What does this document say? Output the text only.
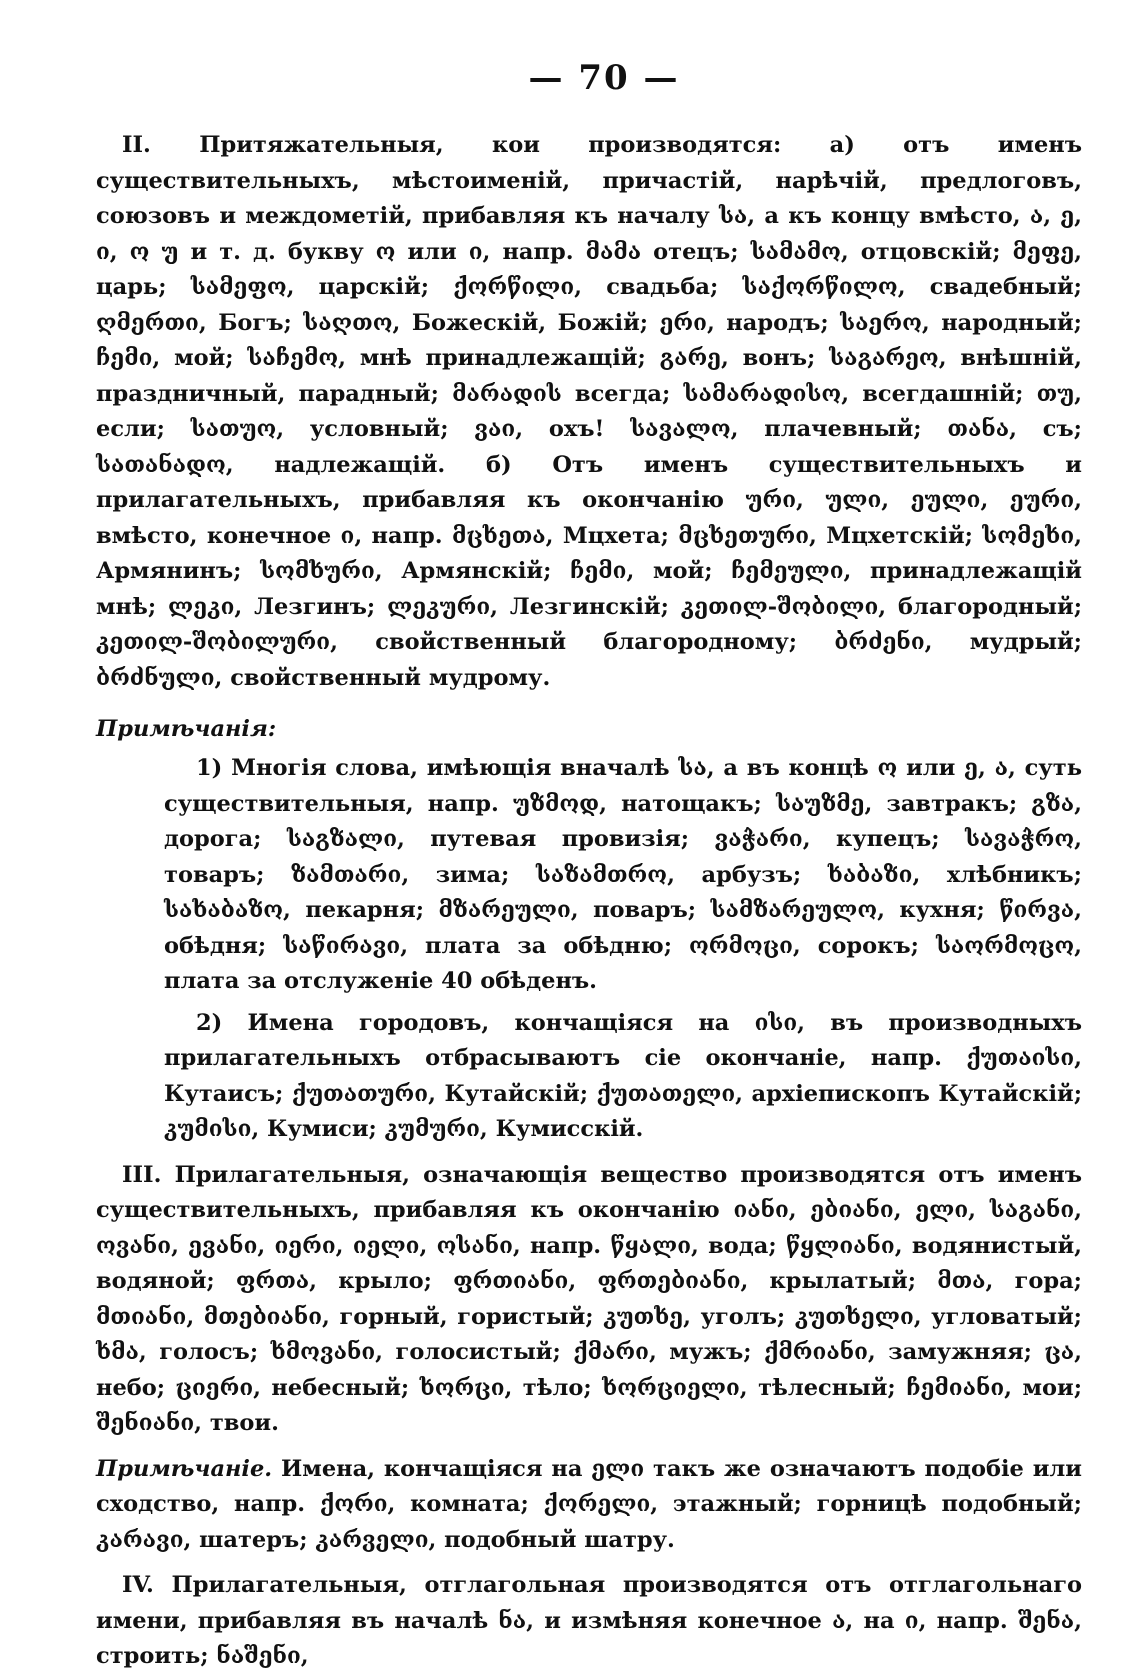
— 70 —

II. Притяжательныя, кои производятся: а) отъ именъ существительныхъ, мѣстоименій, причастій, нарѣчій, предлоговъ, союзовъ и междометій, прибавляя къ началу სა, а къ концу вмѣсто, ა, ე, ი, ო უ и т. д. букву ო или ი, напр. მამა отецъ; სამამო, отцовскій; მეფე, царь; სამეფო, царскій; ქორწილი, свадьба; საქორწილო, свадебный; ღმერთი, Богъ; საღთო, Божескій, Божій; ერი, народъ; საერო, народный; ჩემი, мой; საჩემო, мнѣ принадлежащій; გარე, вонъ; საგარეო, внѣшній, праздничный, парадный; მარადის всегда; სამარადისო, всегдашній; თუ, если; სათუო, условный; ვაი, охъ! სავალო, плачевный; თანა, съ; სათანადო, надлежащій. б) Отъ именъ существительныхъ и прилагательныхъ, прибавляя къ окончанію ური, ული, ეული, ეური, вмѣсто, конечное ი, напр. მცხეთა, Мцхета; მცხეთური, Мцхетскій; სომეხი, Армянинъ; სომხური, Армянскій; ჩემი, мой; ჩემეული, принадлежащій мнѣ; ლეკი, Лезгинъ; ლეკური, Лезгинскій; კეთილ-შობილი, благородный; კეთილ-შობილური, свойственный благородному; ბრძენი, мудрый; ბრძნული, свойственный мудрому.

Примѣчанія:

1) Многія слова, имѣющія вначалѣ სა, а въ концѣ ო или ე, ა, суть существительныя, напр. უზმოდ, натощакъ; საუზმე, завтракъ; გზა, дорога; საგზალი, путевая провизія; ვაჭარი, купецъ; სავაჭრო, товаръ; ზამთარი, зима; საზამთრო, арбузъ; ხაბაზი, хлѣбникъ; სახაბაზო, пекарня; მზარეული, поваръ; სამზარეულო, кухня; წირვა, обѣдня; საწირავი, плата за обѣдню; ორმოცი, сорокъ; საორმოცო, плата за отслуженіе 40 обѣденъ.

2) Имена городовъ, кончащіяся на ისი, въ производныхъ прилагательныхъ отбрасываютъ сіе окончаніе, напр. ქუთაისი, Кутаисъ; ქუთათური, Кутайскій; ქუთათელი, архіепископъ Кутайскій; კუმისი, Кумиси; კუმური, Кумисскій.

III. Прилагательныя, означающія вещество производятся отъ именъ существительныхъ, прибавляя къ окончанію იანი, ებიანი, ელი, საგანი, ოვანი, ევანი, იერი, იელი, ოსანი, напр. წყალი, вода; წყლიანი, водянистый, водяной; ფრთა, крыло; ფრთიანი, ფრთებიანი, крылатый; მთა, гора; მთიანი, მთებიანი, горный, гористый; კუთხე, уголъ; კუთხელი, угловатый; ხმა, голосъ; ხმოვანი, голосистый; ქმარი, мужъ; ქმრიანი, замужняя; ცა, небо; ციერი, небесный; ხორცი, тѣло; ხორციელი, тѣлесный; ჩემიანი, мои; შენიანი, твои.

Примѣчаніе. Имена, кончащіяся на ელი такъ же означаютъ подобіе или сходство, напр. ქორი, комната; ქორელი, этажный; горницѣ подобный; კარავი, шатеръ; კარველი, подобный шатру.

IV. Прилагательныя, отглагольная производятся отъ отглагольнаго имени, прибавляя въ началѣ ნა, и измѣняя конечное ა, на ი, напр. შენა, строить; ნაშენი,
